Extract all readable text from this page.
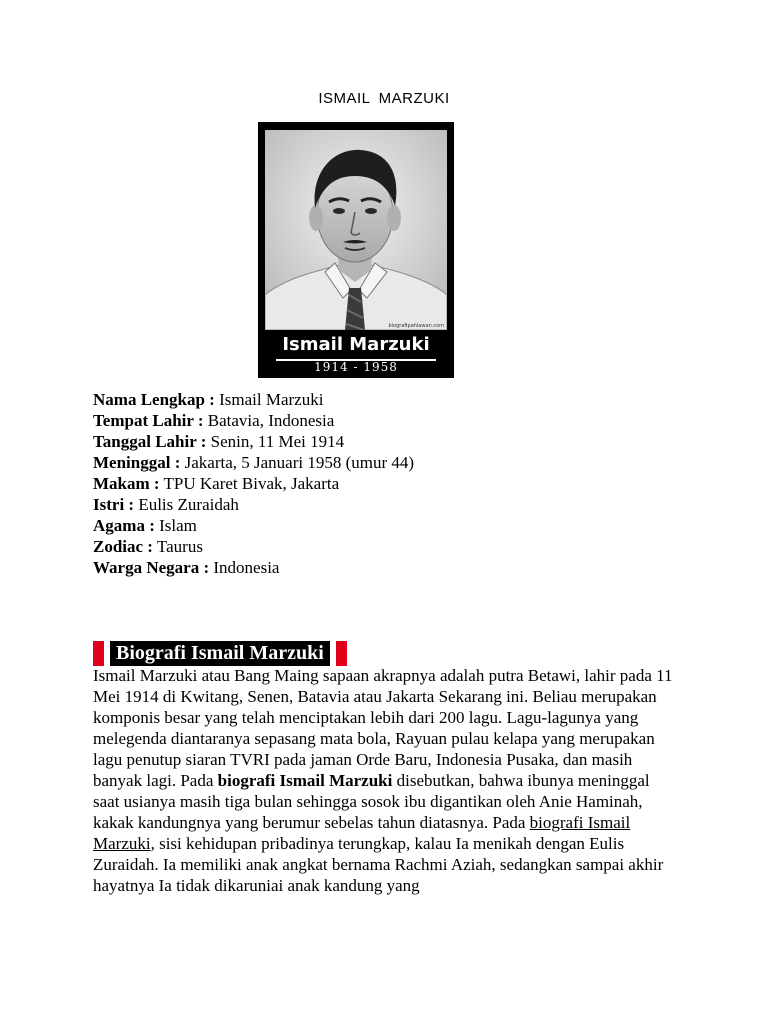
ISMAIL MARZUKI
biografipahlawan.com
Ismail Marzuki
1914 - 1958
Nama Lengkap : Ismail Marzuki
Tempat Lahir : Batavia, Indonesia
Tanggal Lahir : Senin, 11 Mei 1914
Meninggal : Jakarta, 5 Januari 1958 (umur 44)
Makam : TPU Karet Bivak, Jakarta
Istri : Eulis Zuraidah
Agama : Islam
Zodiac : Taurus
Warga Negara : Indonesia
Biografi Ismail Marzuki
Ismail Marzuki atau Bang Maing sapaan akrapnya adalah putra Betawi, lahir pada 11 Mei 1914 di Kwitang, Senen, Batavia atau Jakarta Sekarang ini. Beliau merupakan komponis besar yang telah menciptakan lebih dari 200 lagu. Lagu-lagunya yang melegenda diantaranya sepasang mata bola, Rayuan pulau kelapa yang merupakan lagu penutup siaran TVRI pada jaman Orde Baru, Indonesia Pusaka, dan masih banyak lagi. Pada biografi Ismail Marzuki disebutkan, bahwa ibunya meninggal saat usianya masih tiga bulan sehingga sosok ibu digantikan oleh Anie Haminah, kakak kandungnya yang berumur sebelas tahun diatasnya. Pada biografi Ismail Marzuki, sisi kehidupan pribadinya terungkap, kalau Ia menikah dengan Eulis Zuraidah. Ia memiliki anak angkat bernama Rachmi Aziah, sedangkan sampai akhir hayatnya Ia tidak dikaruniai anak kandung yang
